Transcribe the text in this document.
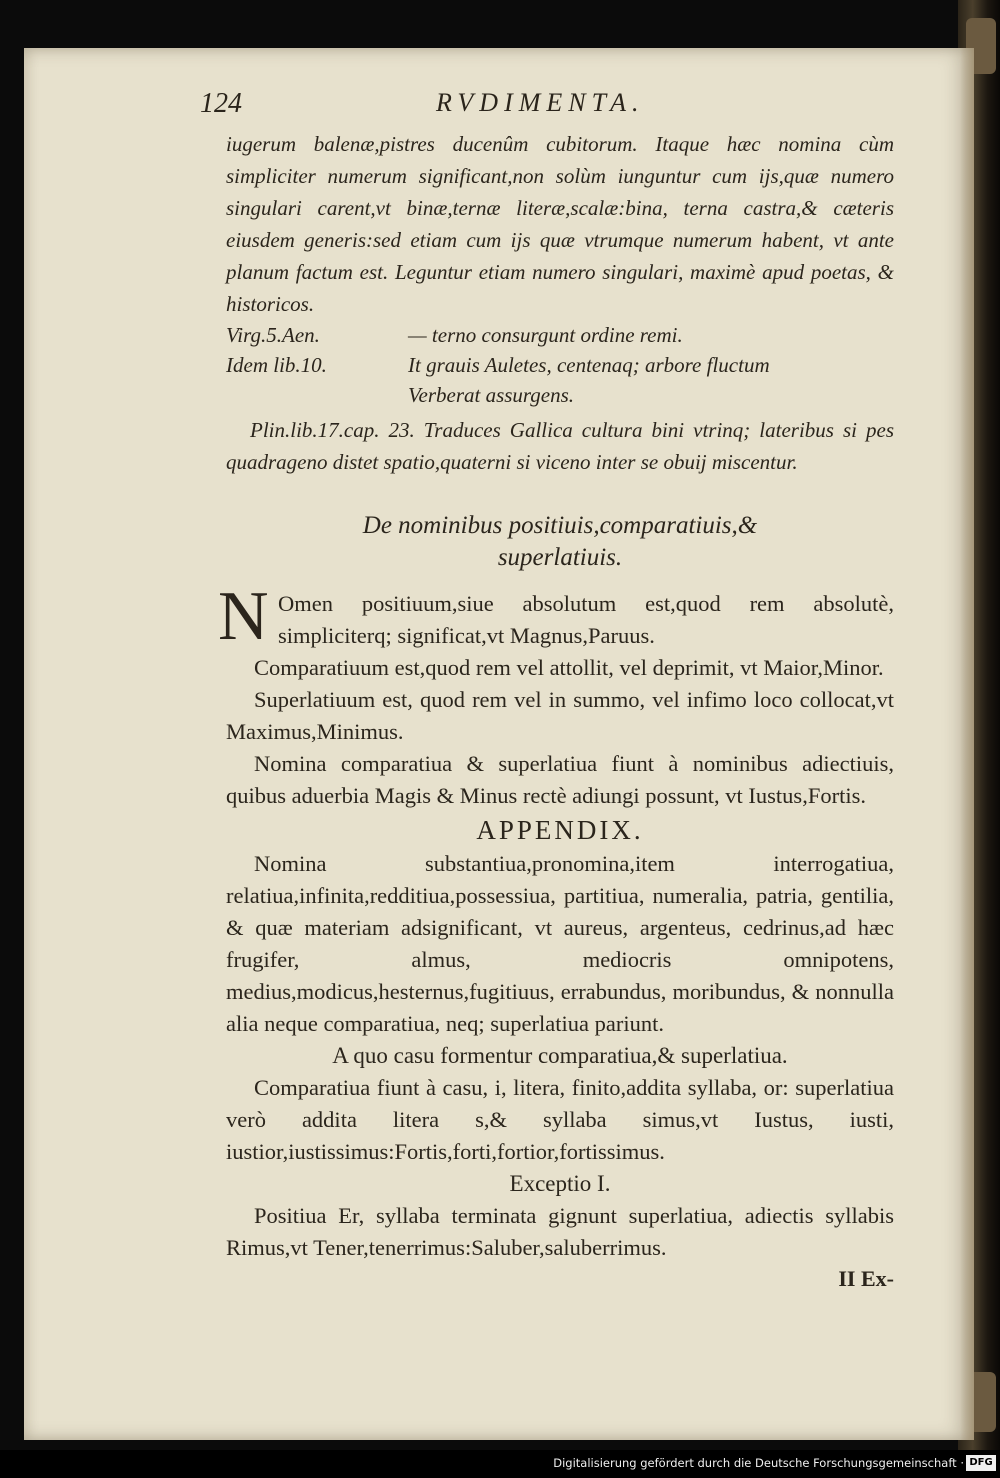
124	RVDIMENTA.

iugerum balenæ,pistres ducenûm cubitorum. Itaque hæc nomina cùm simpliciter numerum significant,non solùm iunguntur cum ijs,quæ numero singulari carent,vt binæ,ternæ literæ,scalæ:bina, terna castra,& cæteris eiusdem generis:sed etiam cum ijs quæ vtrumque numerum habent, vt ante planum factum est. Leguntur etiam numero singulari, maximè apud poetas, & historicos.

Virg.5.Aen.	— terno consurgunt ordine remi.
Idem lib.10.	It grauis Auletes, centenaq; arbore fluctum
Verberat assurgens.

Plin.lib.17.cap. 23. Traduces Gallica cultura bini vtrinq; lateribus si pes quadrageno distet spatio,quaterni si viceno inter se obuij miscentur.

De nominibus positiuis,comparatiuis,&
superlatiuis.

N Omen positiuum,siue absolutum est,quod rem absolutè, simpliciterq; significat,vt Magnus,Paruus.

Comparatiuum est,quod rem vel attollit, vel deprimit, vt Maior,Minor.

Superlatiuum est, quod rem vel in summo, vel infimo loco collocat,vt Maximus,Minimus.

Nomina comparatiua & superlatiua fiunt à nominibus adiectiuis, quibus aduerbia Magis & Minus rectè adiungi possunt, vt Iustus,Fortis.

APPENDIX.

Nomina substantiua,pronomina,item interrogatiua, relatiua,infinita,redditiua,possessiua, partitiua, numeralia, patria, gentilia, & quæ materiam adsignificant, vt aureus, argenteus, cedrinus,ad hæc frugifer, almus, mediocris omnipotens, medius,modicus,hesternus,fugitiuus, errabundus, moribundus, & nonnulla alia neque comparatiua, neq; superlatiua pariunt.

A quo casu formentur comparatiua,& superlatiua.

Comparatiua fiunt à casu, i, litera, finito,addita syllaba, or: superlatiua verò addita litera s,& syllaba simus,vt Iustus, iusti, iustior,iustissimus:Fortis,forti,fortior,fortissimus.

Exceptio I.

Positiua Er, syllaba terminata gignunt superlatiua, adiectis syllabis Rimus,vt Tener,tenerrimus:Saluber,saluberrimus.

II Ex-

Digitalisierung gefördert durch die Deutsche Forschungsgemeinschaft · DFG
